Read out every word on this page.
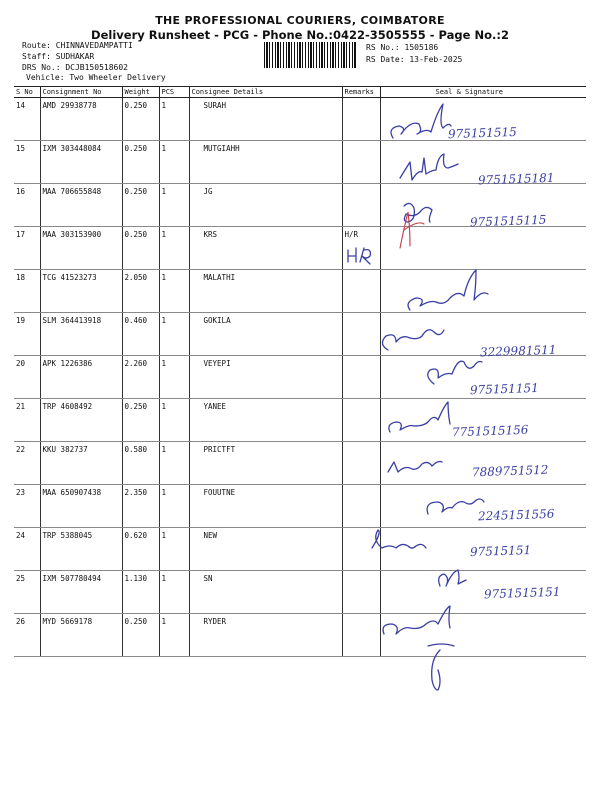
THE PROFESSIONAL COURIERS, COIMBATORE
Delivery Runsheet - PCG - Phone No.:0422-3505555 - Page No.:2
Route: CHINNAVEDAMPATTI
Staff: SUDHAKAR
DRS No.: DCJB150518602
Vehicle: Two Wheeler Delivery
RS No.: 1505186
RS Date: 13-Feb-2025
S No	Consignment No	Weight	PCS	Consignee Details	Remarks	Seal & Signature
14	AMD 29938778	0.250	1	SURAH		
15	IXM 303448084	0.250	1	MUTGIAHH		
16	MAA 706655848	0.250	1	JG		
17	MAA 303153900	0.250	1	KRS	H/R	
18	TCG 41523273	2.050	1	MALATHI		
19	SLM 364413918	0.460	1	GOKILA		
20	APK 1226386	2.260	1	VEYEPI		
21	TRP 4608492	0.250	1	YANEE		
22	KKU 382737	0.580	1	PRICTFT		
23	MAA 650907438	2.350	1	FOUUTNE		
24	TRP 5388045	0.620	1	NEW		
25	IXM 507780494	1.130	1	SN		
26	MYD 5669178	0.250	1	RYDER		
975151515
9751515181
9751515115
3229981511
975151151
7751515156
7889751512
2245151556
97515151
9751515151
